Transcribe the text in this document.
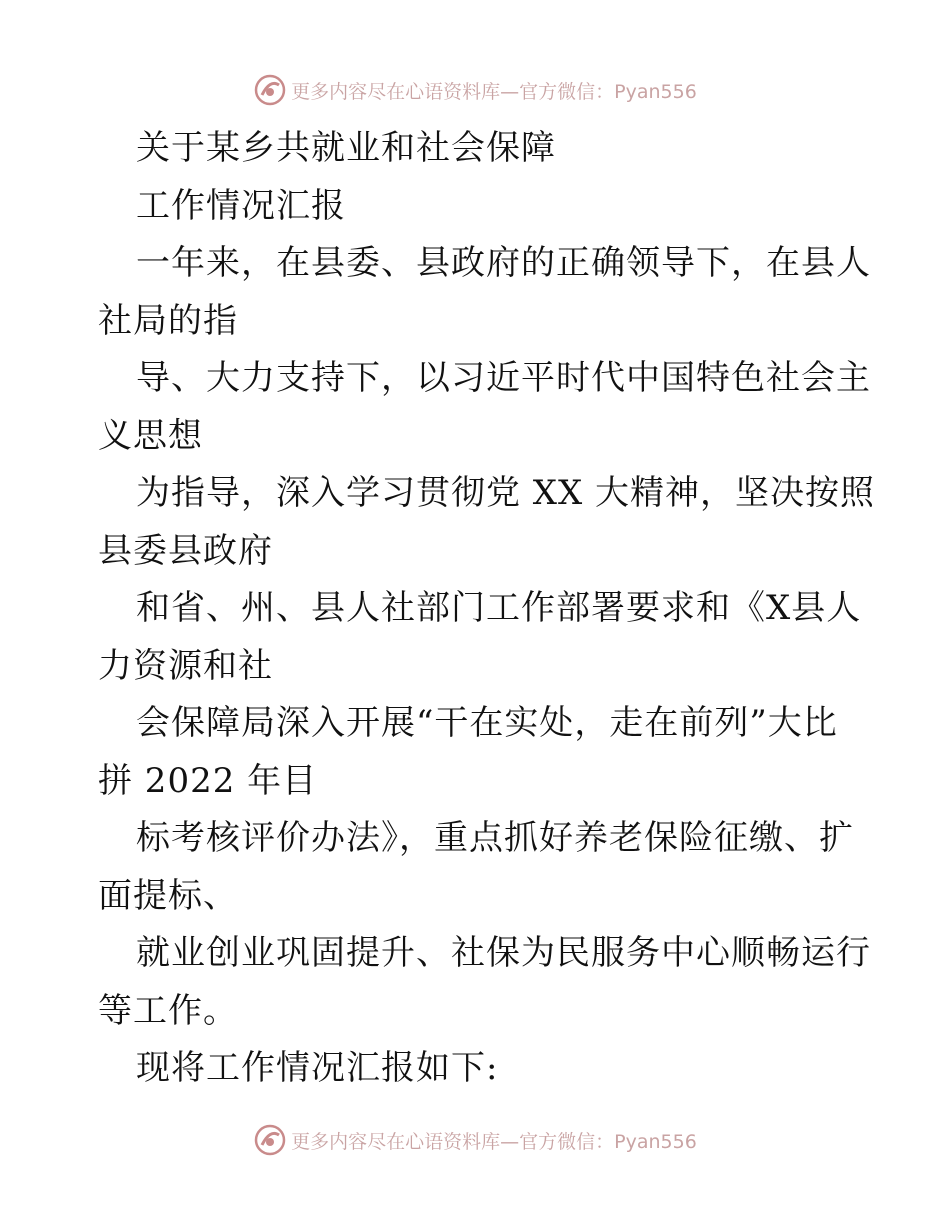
更多内容尽在心语资料库—官方微信：Pyan556
关于某乡共就业和社会保障
工作情况汇报
一年来，在县委、县政府的正确领导下，在县人
社局的指
导、大力支持下，以习近平时代中国特色社会主
义思想
为指导，深入学习贯彻党 XX 大精神，坚决按照
县委县政府
和省、州、县人社部门工作部署要求和《X县人
力资源和社
会保障局深入开展“干在实处，走在前列”大比
拼 2022 年目
标考核评价办法》，重点抓好养老保险征缴、扩
面提标、
就业创业巩固提升、社保为民服务中心顺畅运行
等工作。
现将工作情况汇报如下:
更多内容尽在心语资料库—官方微信：Pyan556
